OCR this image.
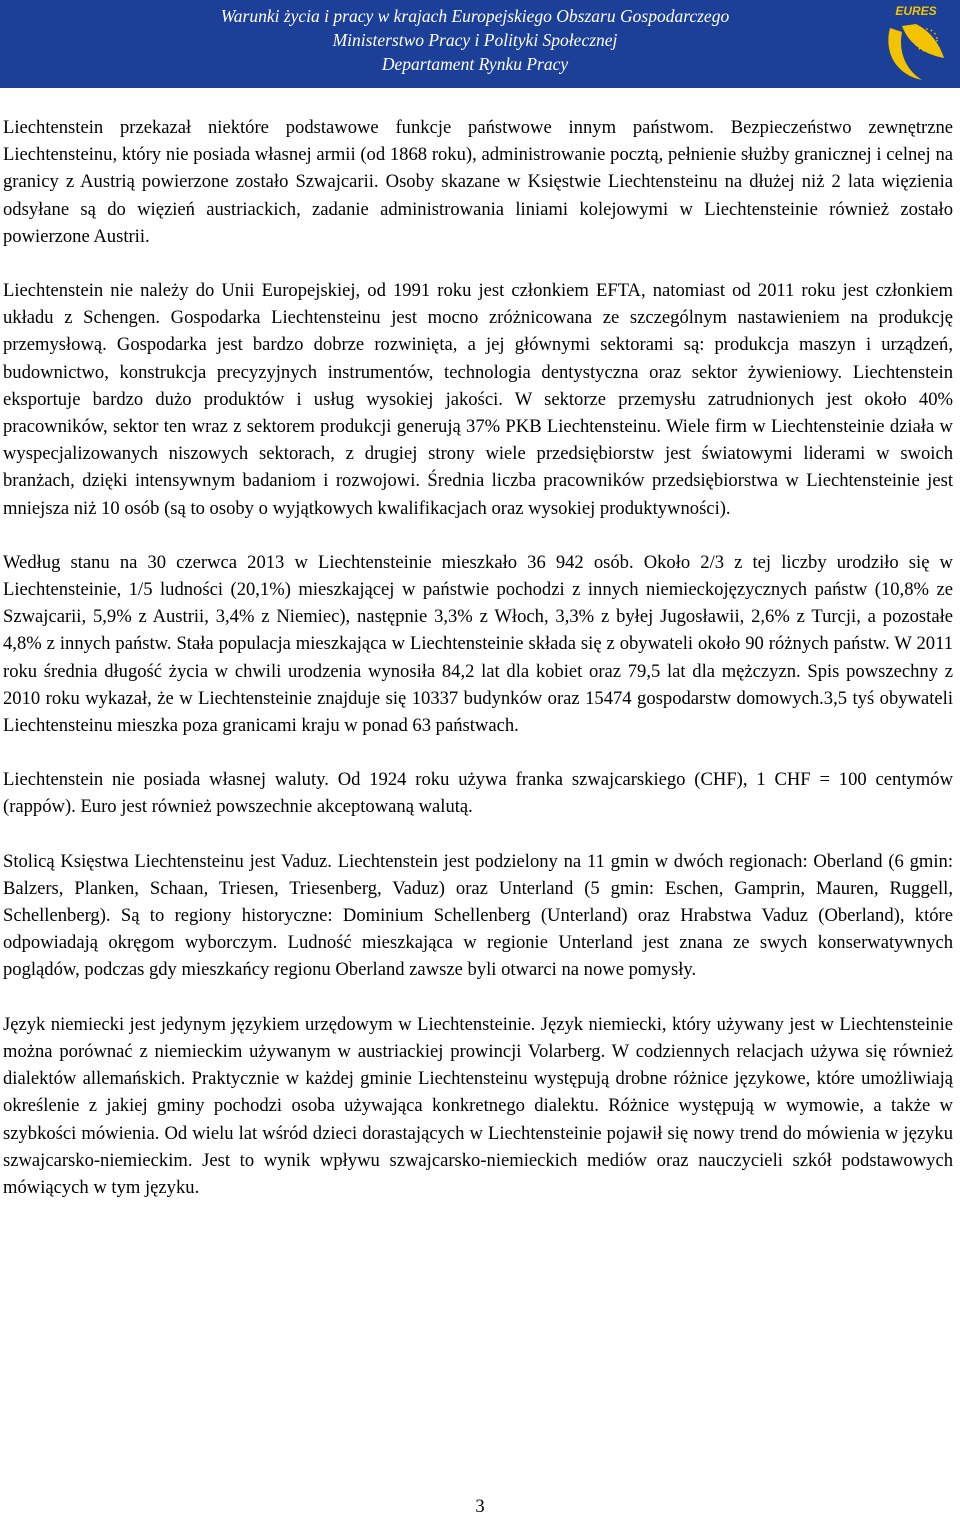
Warunki życia i pracy w krajach Europejskiego Obszaru Gospodarczego
Ministerstwo Pracy i Polityki Społecznej
Departament Rynku Pracy
EURES

Liechtenstein przekazał niektóre podstawowe funkcje państwowe innym państwom. Bezpieczeństwo zewnętrzne Liechtensteinu, który nie posiada własnej armii (od 1868 roku), administrowanie pocztą, pełnienie służby granicznej i celnej na granicy z Austrią powierzone zostało Szwajcarii. Osoby skazane w Księstwie Liechtensteinu na dłużej niż 2 lata więzienia odsyłane są do więzień austriackich, zadanie administrowania liniami kolejowymi w Liechtensteinie również zostało powierzone Austrii.

Liechtenstein nie należy do Unii Europejskiej, od 1991 roku jest członkiem EFTA, natomiast od 2011 roku jest członkiem układu z Schengen. Gospodarka Liechtensteinu jest mocno zróżnicowana ze szczególnym nastawieniem na produkcję przemysłową. Gospodarka jest bardzo dobrze rozwinięta, a jej głównymi sektorami są: produkcja maszyn i urządzeń, budownictwo, konstrukcja precyzyjnych instrumentów, technologia dentystyczna oraz sektor żywieniowy. Liechtenstein eksportuje bardzo dużo produktów i usług wysokiej jakości. W sektorze przemysłu zatrudnionych jest około 40% pracowników, sektor ten wraz z sektorem produkcji generują 37% PKB Liechtensteinu. Wiele firm w Liechtensteinie działa w wyspecjalizowanych niszowych sektorach, z drugiej strony wiele przedsiębiorstw jest światowymi liderami w swoich branżach, dzięki intensywnym badaniom i rozwojowi. Średnia liczba pracowników przedsiębiorstwa w Liechtensteinie jest mniejsza niż 10 osób (są to osoby o wyjątkowych kwalifikacjach oraz wysokiej produktywności).

Według stanu na 30 czerwca 2013 w Liechtensteinie mieszkało 36 942 osób. Około 2/3 z tej liczby urodziło się w Liechtensteinie, 1/5 ludności (20,1%) mieszkającej w państwie pochodzi z innych niemieckojęzycznych państw (10,8% ze Szwajcarii, 5,9% z Austrii, 3,4% z Niemiec), następnie 3,3% z Włoch, 3,3% z byłej Jugosławii, 2,6% z Turcji, a pozostałe 4,8% z innych państw. Stała populacja mieszkająca w Liechtensteinie składa się z obywateli około 90 różnych państw. W 2011 roku średnia długość życia w chwili urodzenia wynosiła 84,2 lat dla kobiet oraz 79,5 lat dla mężczyzn. Spis powszechny z 2010 roku wykazał, że w Liechtensteinie znajduje się 10337 budynków oraz 15474 gospodarstw domowych.3,5 tyś obywateli Liechtensteinu mieszka poza granicami kraju w ponad 63 państwach.

Liechtenstein nie posiada własnej waluty. Od 1924 roku używa franka szwajcarskiego (CHF), 1 CHF = 100 centymów (rappów). Euro jest również powszechnie akceptowaną walutą.

Stolicą Księstwa Liechtensteinu jest Vaduz. Liechtenstein jest podzielony na 11 gmin w dwóch regionach: Oberland (6 gmin: Balzers, Planken, Schaan, Triesen, Triesenberg, Vaduz) oraz Unterland (5 gmin: Eschen, Gamprin, Mauren, Ruggell, Schellenberg). Są to regiony historyczne: Dominium Schellenberg (Unterland) oraz Hrabstwa Vaduz (Oberland), które odpowiadają okręgom wyborczym. Ludność mieszkająca w regionie Unterland jest znana ze swych konserwatywnych poglądów, podczas gdy mieszkańcy regionu Oberland zawsze byli otwarci na nowe pomysły.

Język niemiecki jest jedynym językiem urzędowym w Liechtensteinie. Język niemiecki, który używany jest w Liechtensteinie można porównać z niemieckim używanym w austriackiej prowincji Volarberg. W codziennych relacjach używa się również dialektów allemańskich. Praktycznie w każdej gminie Liechtensteinu występują drobne różnice językowe, które umożliwiają określenie z jakiej gminy pochodzi osoba używająca konkretnego dialektu. Różnice występują w wymowie, a także w szybkości mówienia. Od wielu lat wśród dzieci dorastających w Liechtensteinie pojawił się nowy trend do mówienia w języku szwajcarsko-niemieckim. Jest to wynik wpływu szwajcarsko-niemieckich mediów oraz nauczycieli szkół podstawowych mówiących w tym języku.

3
